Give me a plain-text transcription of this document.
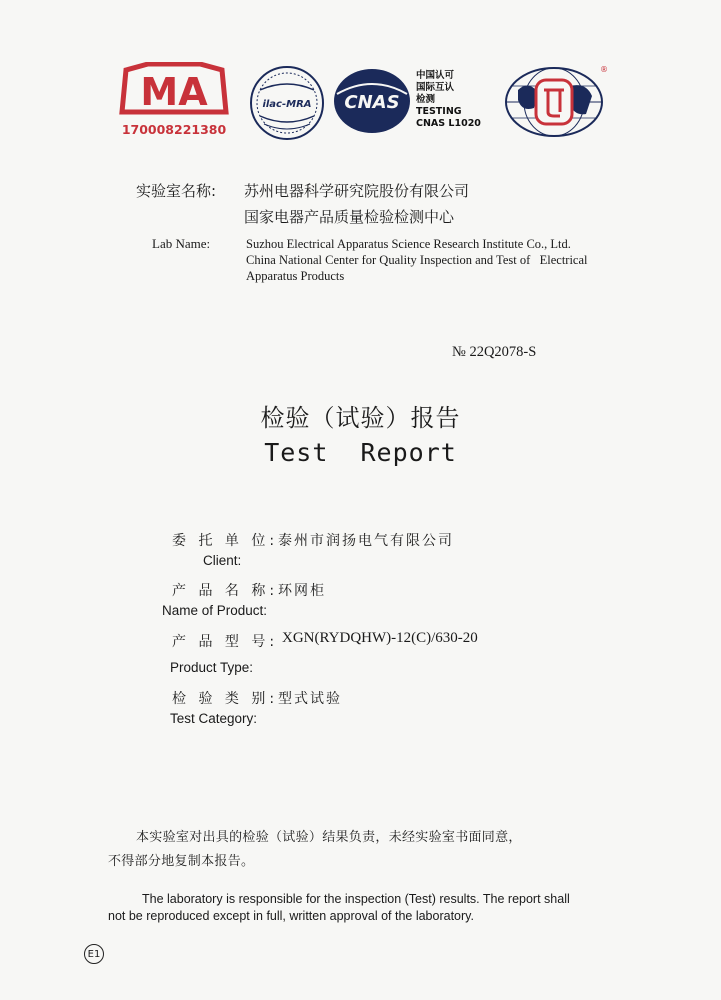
MA
170008221380
ilac-MRA CNAS
中国认可
国际互认
检测
TESTING
CNAS L1020
®
实验室名称: 苏州电器科学研究院股份有限公司
国家电器产品质量检验检测中心
Lab Name:	Suzhou Electrical Apparatus Science Research Institute Co., Ltd.
China National Center for Quality Inspection and Test of   Electrical
Apparatus Products
№ 22Q2078-S
检验（试验）报告
Test  Report
委 托 单 位: 泰州市润扬电气有限公司
Client:
产 品 名 称: 环网柜
Name of Product:
产 品 型 号: XGN(RYDQHW)-12(C)/630-20
Product Type:
检 验 类 别: 型式试验
Test Category:
本实验室对出具的检验（试验）结果负责，未经实验室书面同意，
不得部分地复制本报告。
The laboratory is responsible for the inspection (Test) results. The report shall
not be reproduced except in full, written approval of the laboratory.
E1
